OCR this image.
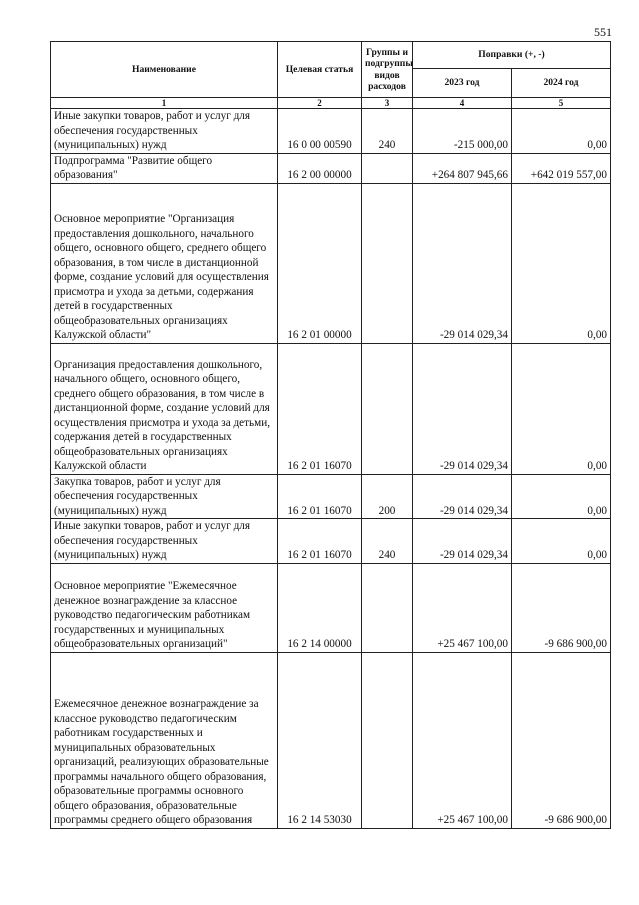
551
Наименование	Целевая статья	Группы и подгруппы видов расходов	Поправки (+, -)	
			2023 год	2024 год
1	2	3	4	5
Иные закупки товаров, работ и услуг для обеспечения государственных (муниципальных) нужд	16 0 00 00590	240	-215 000,00	0,00
Подпрограмма "Развитие общего образования"	16 2 00 00000		+264 807 945,66	+642 019 557,00
Основное мероприятие "Организация предоставления дошкольного, начального общего, основного общего, среднего общего образования, в том числе в дистанционной форме, создание условий для осуществления присмотра и ухода за детьми, содержания детей в государственных общеобразовательных организациях Калужской области"	16 2 01 00000		-29 014 029,34	0,00
Организация предоставления дошкольного, начального общего, основного общего, среднего общего образования, в том числе в дистанционной форме, создание условий для осуществления присмотра и ухода за детьми, содержания детей в государственных общеобразовательных организациях Калужской области	16 2 01 16070		-29 014 029,34	0,00
Закупка товаров, работ и услуг для обеспечения государственных (муниципальных) нужд	16 2 01 16070	200	-29 014 029,34	0,00
Иные закупки товаров, работ и услуг для обеспечения государственных (муниципальных) нужд	16 2 01 16070	240	-29 014 029,34	0,00
Основное мероприятие "Ежемесячное денежное вознаграждение за классное руководство педагогическим работникам государственных и муниципальных общеобразовательных организаций"	16 2 14 00000		+25 467 100,00	-9 686 900,00
Ежемесячное денежное вознаграждение за классное руководство педагогическим работникам государственных и муниципальных образовательных организаций, реализующих образовательные программы начального общего образования, образовательные программы основного общего образования, образовательные программы среднего общего образования	16 2 14 53030		+25 467 100,00	-9 686 900,00
